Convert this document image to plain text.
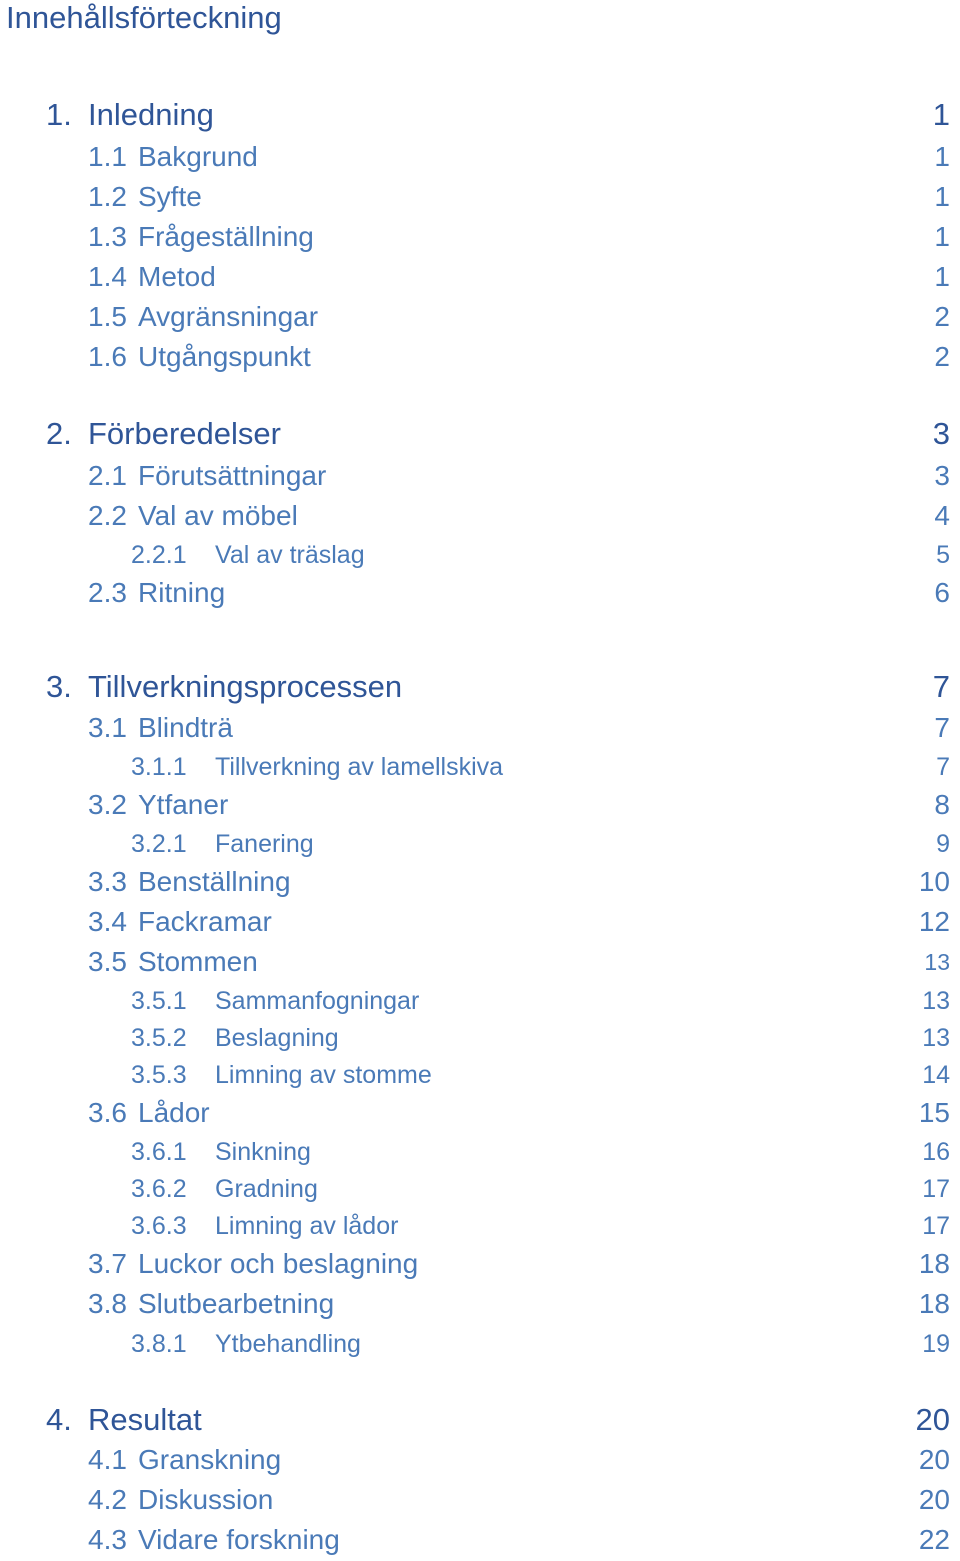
Innehållsförteckning
1. Inledning	1
1.1 Bakgrund	1
1.2 Syfte	1
1.3 Frågeställning	1
1.4 Metod	1
1.5 Avgränsningar	2
1.6 Utgångspunkt	2
2. Förberedelser	3
2.1 Förutsättningar	3
2.2 Val av möbel	4
2.2.1 Val av träslag	5
2.3 Ritning	6
3. Tillverkningsprocessen	7
3.1 Blindträ	7
3.1.1 Tillverkning av lamellskiva	7
3.2 Ytfaner	8
3.2.1 Fanering	9
3.3 Benställning	10
3.4 Fackramar	12
3.5 Stommen	13
3.5.1 Sammanfogningar	13
3.5.2 Beslagning	13
3.5.3 Limning av stomme	14
3.6 Lådor	15
3.6.1 Sinkning	16
3.6.2 Gradning	17
3.6.3 Limning av lådor	17
3.7 Luckor och beslagning	18
3.8 Slutbearbetning	18
3.8.1 Ytbehandling	19
4. Resultat	20
4.1 Granskning	20
4.2 Diskussion	20
4.3 Vidare forskning	22
